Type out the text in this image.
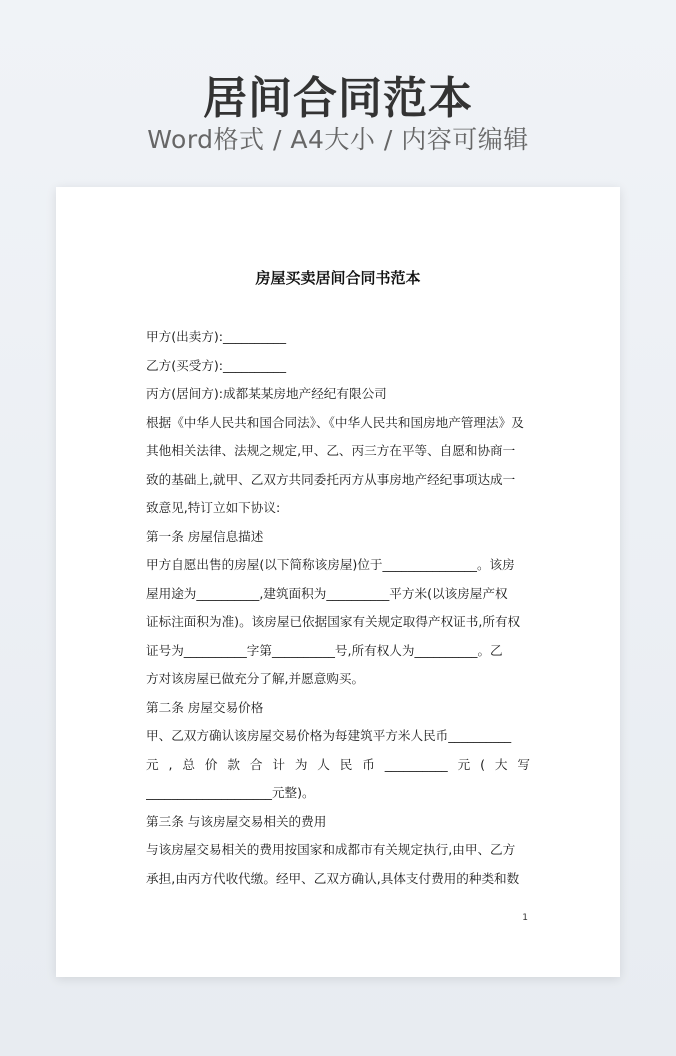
居间合同范本
Word格式 / A4大小 / 内容可编辑
房屋买卖居间合同书范本
甲方(出卖方):__________
乙方(买受方):__________
丙方(居间方):成都某某房地产经纪有限公司
根据《中华人民共和国合同法》、《中华人民共和国房地产管理法》及
其他相关法律、法规之规定,甲、乙、丙三方在平等、自愿和协商一
致的基础上,就甲、乙双方共同委托丙方从事房地产经纪事项达成一
致意见,特订立如下协议:
第一条 房屋信息描述
甲方自愿出售的房屋(以下简称该房屋)位于_______________。该房
屋用途为__________,建筑面积为__________平方米(以该房屋产权
证标注面积为准)。该房屋已依据国家有关规定取得产权证书,所有权
证号为__________字第__________号,所有权人为__________。乙
方对该房屋已做充分了解,并愿意购买。
第二条 房屋交易价格
甲、乙双方确认该房屋交易价格为每建筑平方米人民币__________
元,总价款合计为人民币__________元(大写
____________________元整)。
第三条 与该房屋交易相关的费用
与该房屋交易相关的费用按国家和成都市有关规定执行,由甲、乙方
承担,由丙方代收代缴。经甲、乙双方确认,具体支付费用的种类和数
1
